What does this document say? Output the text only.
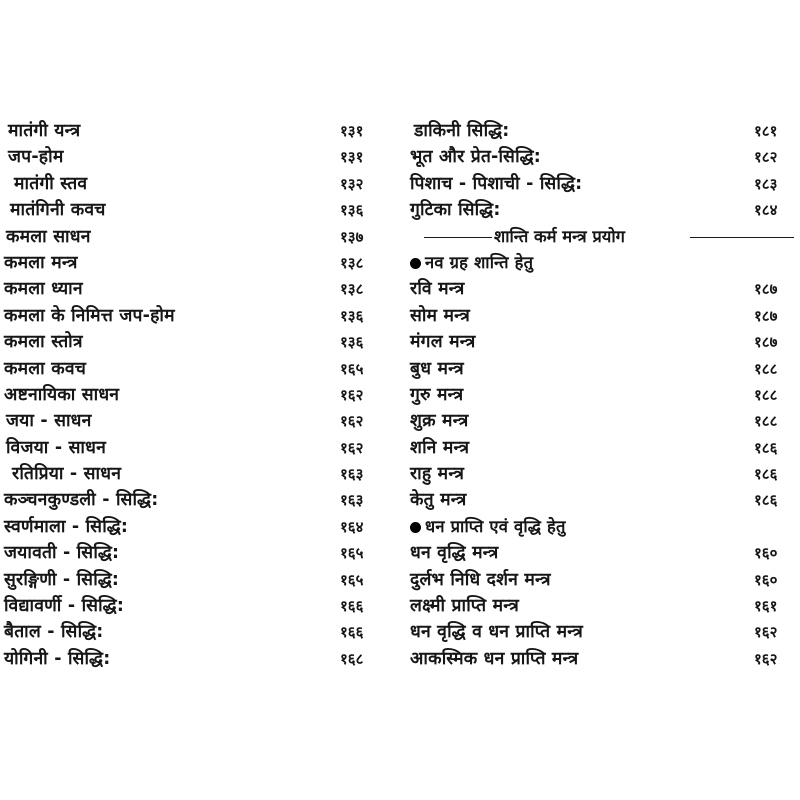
मातंगी यन्त्र	१३१
जप-होम	१३१
मातंगी स्तव	१३२
मातंगिनी कवच	१३६
कमला साधन	१३७
कमला मन्त्र	१३८
कमला ध्यान	१३८
कमला के निमित्त जप-होम	१३६
कमला स्तोत्र	१३६
कमला कवच	१६५
अष्टनायिका साधन	१६२
जया - साधन	१६२
विजया - साधन	१६२
रतिप्रिया - साधन	१६३
कञ्चनकुण्डली - सिद्धि:	१६३
स्वर्णमाला - सिद्धि:	१६४
जयावती - सिद्धि:	१६५
सुरङ्गिणी - सिद्धि:	१६५
विद्यावर्णी - सिद्धि:	१६६
बैताल - सिद्धि:	१६६
योगिनी - सिद्धि:	१६८
डाकिनी सिद्धि:	१८१
भूत और प्रेत-सिद्धि:	१८२
पिशाच - पिशाची - सिद्धि:	१८३
गुटिका सिद्धि:	१८४
शान्ति कर्म मन्त्र प्रयोग
नव ग्रह शान्ति हेतु
रवि मन्त्र	१८७
सोम मन्त्र	१८७
मंगल मन्त्र	१८७
बुध मन्त्र	१८८
गुरु मन्त्र	१८८
शुक्र मन्त्र	१८८
शनि मन्त्र	१८६
राहु मन्त्र	१८६
केतु मन्त्र	१८६
धन प्राप्ति एवं वृद्धि हेतु
धन वृद्धि मन्त्र	१६०
दुर्लभ निधि दर्शन मन्त्र	१६०
लक्ष्मी प्राप्ति मन्त्र	१६१
धन वृद्धि व धन प्राप्ति मन्त्र	१६२
आकस्मिक धन प्राप्ति मन्त्र	१६२
